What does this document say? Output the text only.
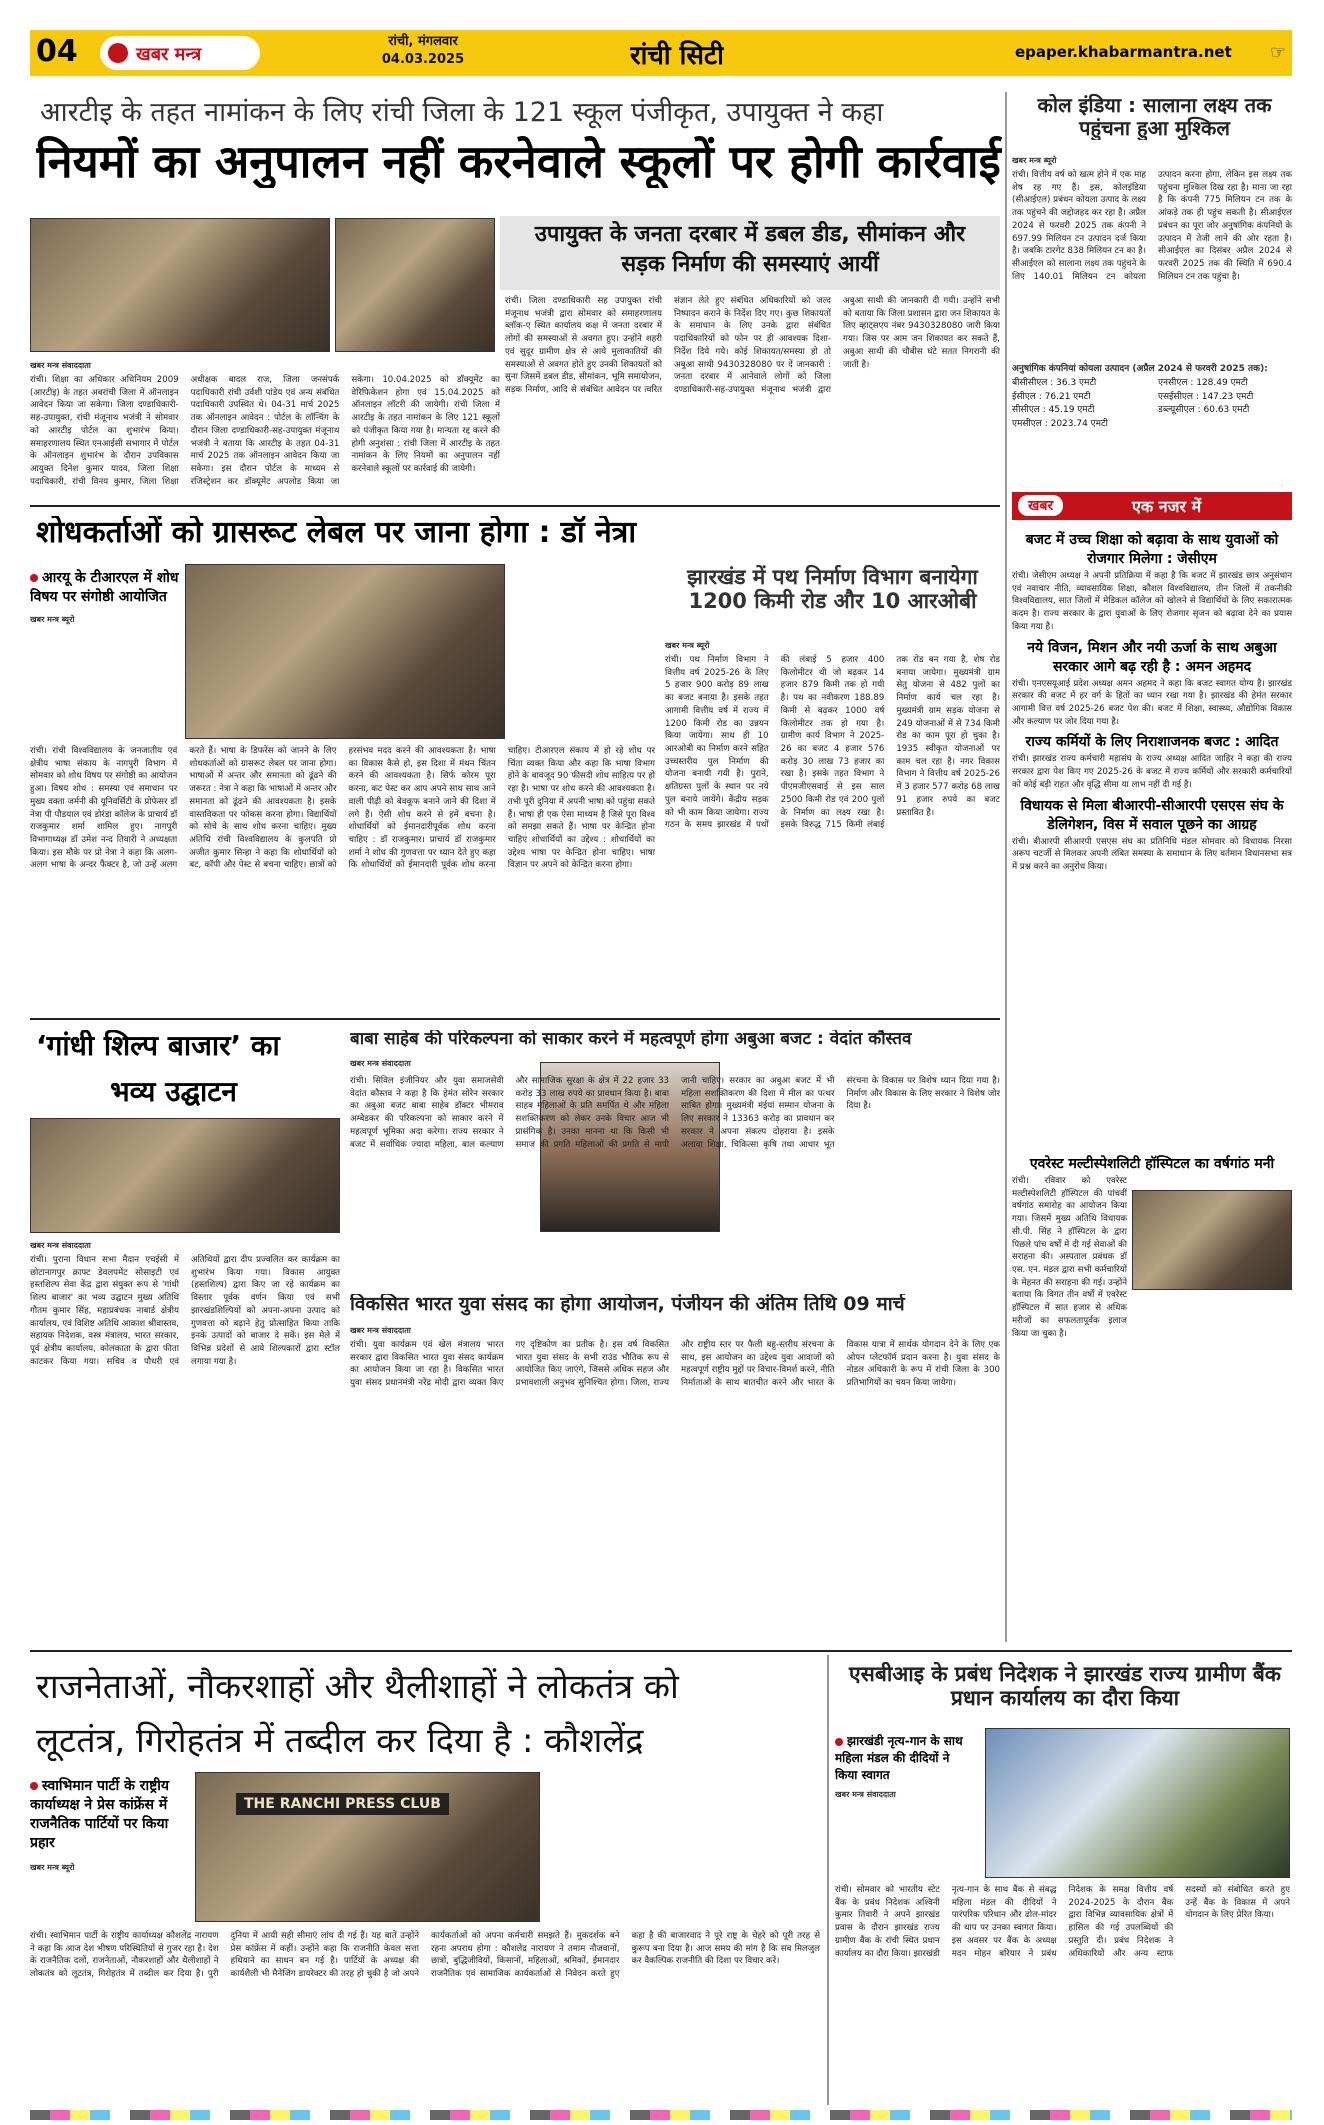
04	खबर मन्त्र
रांची, मंगलवार
04.03.2025	रांची सिटी	epaper.khabarmantra.net ☞
आरटीइ के तहत नामांकन के लिए रांची जिला के 121 स्कूल पंजीकृत, उपायुक्त ने कहा
नियमों का अनुपालन नहीं करनेवाले स्कूलों पर होगी कार्रवाई
उपायुक्त के जनता दरबार में डबल डीड, सीमांकन और सड़क निर्माण की समस्याएं आयीं
रांची। जिला दण्डाधिकारी सह उपायुक्त रांची मंजूनाथ भजंत्री द्वारा सोमवार को समाहरणालय ब्लॉक-ए स्थित कार्यालय कक्ष में जनता दरबार में लोगों की समस्याओं से अवगत हुए। उन्होंने शहरी एवं सुदूर ग्रामीण क्षेत्र से आये मुलाकातियों की समस्याओं से अवगत होते हुए उनकी शिकायतों को सुना जिसमें डबल डीड, सीमांकन, भूमि समायोजन, सड़क निर्माण, आदि से संबंधित आवेदन पर त्वरित संज्ञान लेते हुए संबंधित अधिकारियों को जल्द निष्पादन कराने के निर्देश दिए गए। कुछ शिकायतों के समाधान के लिए उनके द्वारा संबंधित पदाधिकारियों को फोन पर ही आवश्यक दिशा-निर्देश दिये गये। कोई शिकायत/समस्या हो तो अबुआ साथी 9430328080 पर दें जानकारी : जनता दरबार में आनेवाले लोगों को जिला दण्डाधिकारी-सह-उपायुक्त मंजूनाथ भजंत्री द्वारा अबुआ साथी की जानकारी दी गयी। उन्होंने सभी को बताया कि जिला प्रशासन द्वारा जन शिकायत के लिए व्हाट्सएप नंबर 9430328080 जारी किया गया। जिस पर आम जन शिकायत कर सकते हैं, अबुआ साथी की चौबीस घंटे सतत निगरानी की जाती है।
खबर मन्त्र संवाददाता
रांची। शिक्षा का अधिकार अधिनियम 2009 (आरटीइ) के तहत अबरांची जिला में ऑनलाइन आवेदन किया जा सकेगा। जिला दण्डाधिकारी-सह-उपायुक्त, रांची मंजूनाथ भजंत्री ने सोमवार को आरटीइ पोर्टल का शुभारंभ किया। समाहरणालय स्थित एनआईसी सभागार में पोर्टल के ऑनलाइन शुभारंभ के दौरान उपविकास आयुक्त दिनेश कुमार यादव, जिला शिक्षा पदाधिकारी, रांची विनय कुमार, जिला शिक्षा अधीक्षक बादल राज, जिला जनसंपर्क पदाधिकारी रांची उर्वशी पांडेय एवं अन्य संबंधित पदाधिकारी उपस्थित थे। 04-31 मार्च 2025 तक ऑनलाइन आवेदन : पोर्टल के लॉन्चिंग के दौरान जिला दण्डाधिकारी-सह-उपायुक्त मंजूनाथ भजंत्री ने बताया कि आरटीइ के तहत 04-31 मार्च 2025 तक ऑनलाइन आवेदन किया जा सकेगा। इस दौरान पोर्टल के माध्यम से रजिस्ट्रेशन कर डॉक्यूमेंट अपलोड किया जा सकेगा। 10.04.2025 को डॉक्यूमेंट का वेरिफिकेशन होगा एवं 15.04.2025 को ऑनलाइन लॉटरी की जायेगी। रांची जिला में आरटीइ के तहत नामांकन के लिए 121 स्कूलों को पंजीकृत किया गया है। मान्यता रद्द करने की होगी अनुशंसा : रांची जिला में आरटीइ के तहत नामांकन के लिए नियमों का अनुपालन नहीं करनेवाले स्कूलों पर कार्रवाई की जायेगी।
कोल इंडिया : सालाना लक्ष्य तक पहुंचना हुआ मुश्किल
खबर मन्त्र ब्यूरो
रांची। वित्तीय वर्ष को खत्म होने में एक माह शेष रह गए हैं। इस, कोलइंडिया (सीआईएल) प्रबंधन कोयला उत्पाद के लक्ष्य तक पहुंचने की जद्दोजहद कर रहा है। अप्रैल 2024 से फरवरी 2025 तक कंपनी ने 697.99 मिलियन टन उत्पादन दर्ज किया है। जबकि टारगेट 838 मिलियन टन का है। सीआईएल को सालाना लक्ष्य तक पहुंचने के लिए 140.01 मिलियन टन कोयला उत्पादन करना होगा, लेकिन इस लक्ष्य तक पहुंचना मुश्किल दिख रहा है। माना जा रहा है कि कंपनी 775 मिलियन टन तक के आंकड़े तक ही पहुंच सकती है। सीआईएल प्रबंधन का पूरा जोर अनुषांगिक कंपनियों के उत्पादन में तेजी लाने की ओर रहता है। सीआईएल का दिसंबर अप्रैल 2024 से फरवरी 2025 तक की स्थिति में 690.4 मिलियन टन तक पहुंचा है।
अनुषांगिक कंपनियां कोयला उत्पादन (अप्रैल 2024 से फरवरी 2025 तक):
बीसीसीएल : 36.3 एमटी
ईसीएल : 76.21 एमटी
सीसीएल : 45.19 एमटी
एमसीएल : 2023.74 एमटी
एनसीएल : 128.49 एमटी
एसईसीएल : 147.23 एमटी
डब्ल्यूसीएल : 60.63 एमटी
खबर	एक नजर में
बजट में उच्च शिक्षा को बढ़ावा के साथ युवाओं को रोजगार मिलेगा : जेसीएम
रांची। जेसीएम अध्यक्ष ने अपनी प्रतिक्रिया में कहा है कि बजट में झारखंड छात्र अनुसंधान एवं नवाचार नीति, व्यावसायिक शिक्षा, कौशल विश्वविद्यालय, तीन जिलों में तकनीकी विश्वविद्यालय, सात जिलों में मेडिकल कॉलेज को खोलने से विद्यार्थियों के लिए सकारात्मक कदम है। राज्य सरकार के द्वारा युवाओं के लिए रोजगार सृजन को बढ़ावा देने का प्रयास किया गया है।
नये विजन, मिशन और नयी ऊर्जा के साथ अबुआ सरकार आगे बढ़ रही है : अमन अहमद
रांची। एनएसयूआई प्रदेश अध्यक्ष अमन अहमद ने कहा कि बजट स्वागत योग्य है। झारखंड सरकार की बजट में हर वर्ग के हितों का ध्यान रखा गया है। झारखंड की हेमंत सरकार आगामी वित्त वर्ष 2025-26 बजट पेश की। बजट में शिक्षा, स्वास्थ्य, औद्योगिक विकास और कल्याण पर जोर दिया गया है।
राज्य कर्मियों के लिए निराशाजनक बजट : आदित
रांची। झारखंड राज्य कर्मचारी महासंघ के राज्य अध्यक्ष आदित जाहिर ने कहा की राज्य सरकार द्वारा पेश किए गए 2025-26 के बजट में राज्य कर्मियों और सरकारी कर्मचारियों को कोई बड़ी राहत और वृद्धि सीमा या लाभ नहीं दी गई है।
विधायक से मिला बीआरपी-सीआरपी एसएस संघ के डेलिगेशन, विस में सवाल पूछने का आग्रह
रांची। बीआरपी सीआरपी एसएस संघ का प्रतिनिधि मंडल सोमवार को विधायक निरसा अरूप चटर्जी से मिलकर अपनी लंबित समस्या के समाधान के लिए वर्तमान विधानसभा सत्र में प्रश्न करने का अनुरोध किया।
एवरेस्ट मल्टीस्पेशलिटी हॉस्पिटल का वर्षगांठ मनी
रांची। रविवार को एवरेस्ट मल्टीस्पेशलिटी हॉस्पिटल की पांचवीं वर्षगांठ समारोह का आयोजन किया गया। जिसमें मुख्य अतिथि विधायक सी.पी. सिंह ने हॉस्पिटल के द्वारा पिछले पांच वर्षों में दी गई सेवाओं की सराहना की। अस्पताल प्रबंधक डॉ एस. एन. मंडल द्वारा सभी कर्मचारियों के मेहनत की सराहना की गई। उन्होंने बताया कि विगत तीन वर्षों में एवरेस्ट हॉस्पिटल में सात हजार से अधिक मरीजों का सफलतापूर्वक इलाज किया जा चुका है।
शोधकर्ताओं को ग्रासरूट लेबल पर जाना होगा : डॉ नेत्रा
आरयू के टीआरएल में शोध विषय पर संगोष्ठी आयोजित
खबर मन्त्र ब्यूरो
रांची। रांची विश्वविद्यालय के जनजातीय एवं क्षेत्रीय भाषा संकाय के नागपुरी विभाग में सोमवार को शोध विषय पर संगोष्ठी का आयोजन हुआ। विषय शोध : समस्या एवं समाधान पर मुख्य वक्ता जर्मनी की यूनिवर्सिटी के प्रोफेसर डॉ नेत्रा पी पौडयाल एवं डोरंडा कॉलेज के प्राचार्य डॉ राजकुमार शर्मा शामिल हुए। नागपुरी विभागाध्यक्ष डॉ उमेश नन्द तिवारी ने अध्यक्षता किया। इस मौके पर प्रो नेत्रा ने कहा कि अलग-अलग भाषा के अन्दर फैक्टर है, जो उन्हें अलग करते हैं। भाषा के डिफरेंस को जानने के लिए शोधकर्ताओं को ग्रासरूट लेबल पर जाना होगा। भाषाओं में अन्तर और समानता को ढूंढने की जरूरत : नेत्रा ने कहा कि भाषाओं में अन्तर और समानता को ढूंढने की आवश्यकता है। इसके वास्तविकता पर फोकस करना होगा। विद्यार्थियों को सोचे के साथ शोध करना चाहिए। मुख्य अतिथि रांची विश्वविद्यालय के कुलपति प्रो अजीत कुमार सिन्हा ने कहा कि शोधार्थियों को बट, कॉपी और पेस्ट से बचना चाहिए। छात्रों को हरसंभव मदद करने की आवश्यकता है। भाषा का विकास कैसे हो, इस दिशा में मंथन चिंतन करने की आवश्यकता है। सिर्फ कोरम पूरा करना, कट पेस्ट कर आप अपने साथ साथ आने वाली पीढ़ी को बेवकूफ बनाने जाने की दिशा में लगे हैं। ऐसी शोध करने से हमें बचना है। शोधार्थियों को ईमानदारीपूर्वक शोध करना चाहिए : डॉ राजकुमार। प्राचार्य डॉ राजकुमार शर्मा ने शोध की गुणवत्ता पर ध्यान देते हुए कहा कि शोधार्थियों को ईमानदारी पूर्वक शोध करना चाहिए। टीआरएल संकाय में हो रहे शोध पर चिंता व्यक्त किया और कहा कि भाषा विभाग होने के बावजूद 90 फीसदी शोध साहित्य पर हो रहा है। भाषा पर शोध करने की आवश्यकता है। तभी पूरी दुनिया में अपनी भाषा को पहुंचा सकते हैं। भाषा ही एक ऐसा माध्यम है जिसे पूरा विश्व को समझा सकते हैं। भाषा पर केन्द्रित होना चाहिए शोधार्थियों का उद्देश्य : शोधार्थियों का उद्देश्य भाषा पर केन्द्रित होना चाहिए। भाषा विज्ञान पर अपने को केन्द्रित करना होगा।
झारखंड में पथ निर्माण विभाग बनायेगा 1200 किमी रोड और 10 आरओबी
खबर मन्त्र ब्यूरो
रांची। पथ निर्माण विभाग ने वित्तीय वर्ष 2025-26 के लिए 5 हजार 900 करोड़ 89 लाख का बजट बनाया है। इसके तहत आगामी वित्तीय वर्ष में राज्य में 1200 किमी रोड का उन्नयन किया जायेगा। साथ ही 10 आरओबी का निर्माण करने सहित उच्चस्तरीय पुल निर्माण की योजना बनायी गयी है। पुराने, क्षतिग्रस्त पुलों के स्थान पर नये पुल बनाये जायेंगे। केंद्रीय सड़क को भी काम किया जायेगा। राज्य गठन के समय झारखंड में पथों की लंबाई 5 हजार 400 किलोमीटर थी जो बढ़कर 14 हजार 879 किमी तक हो गयी है। पथ का नवीकरण 188.89 किमी से बढ़कर 1000 वर्ष किलोमीटर तक हो गया है। ग्रामीण कार्य विभाग ने 2025-26 का बजट 4 हजार 576 करोड़ 30 लाख 73 हजार का रखा है। इसके तहत विभाग ने पीएमजीएसवाई से इस साल 2500 किमी रोड एवं 200 पुलों के निर्माण का लक्ष्य रखा है। इसके विरुद्ध 715 किमी लंबाई तक रोड बन गया है, शेष रोड बनाया जायेगा। मुख्यमंत्री ग्राम सेतु योजना से 482 पुलों का निर्माण कार्य चल रहा है। मुख्यमंत्री ग्राम सड़क योजना से 249 योजनाओं में से 734 किमी रोड का काम पूरा हो चुका है। 1935 स्वीकृत योजनाओं पर काम चल रहा है। नगर विकास विभाग ने वित्तीय वर्ष 2025-26 में 3 हजार 577 करोड़ 68 लाख 91 हजार रुपये का बजट प्रस्तावित है।
‘गांधी शिल्प बाजार’ का
भव्य उद्घाटन
खबर मन्त्र संवाददाता
रांची। पुराना विधान सभा मैदान एचईसी में छोटानागपुर क्राफ्ट डेवलपमेंट सोसाइटी एवं हस्तशिल्प सेवा केंद्र द्वारा संयुक्त रूप से 'गांधी शिल्प बाजार' का भव्य उद्घाटन मुख्य अतिथि गौतम कुमार सिंह, महाप्रबंधक नाबार्ड क्षेत्रीय कार्यालय, एवं विशिष्ट अतिथि आकाश श्रीवास्तव, सहायक निदेशक, वस्त्र मंत्रालय, भारत सरकार, पूर्व क्षेत्रीय कार्यालय, कोलकाता के द्वारा फीता काटकर किया गया। सचिव व पौधरी एवं अतिथियों द्वारा दीप प्रज्वलित कर कार्यक्रम का शुभारंभ किया गया। विकास आयुक्त (हस्तशिल्प) द्वारा किए जा रहे कार्यक्रम का विस्तार पूर्वक वर्णन किया एवं सभी झारखंडशिल्पियों को अपना-अपना उत्पाद को गुणवत्ता को बढ़ाने हेतु प्रोत्साहित किया ताकि इनके उत्पादों को बाजार दे सकें। इस मेले में विभिन्न प्रदेशों से आये शिल्पकारों द्वारा स्टॉल लगाया गया है।
बाबा साहेब की परिकल्पना को साकार करने में महत्वपूर्ण होगा अबुआ बजट : वेदांत कौस्तव
खबर मन्त्र संवाददाता
रांची। सिविल इंजीनियर और युवा समाजसेवी वेदांत कौस्तव ने कहा है कि हेमंत सोरेन सरकार का अबुआ बजट बाबा साहेब डॉक्टर भीमराव अम्बेडकर की परिकल्पना को साकार करने में महत्वपूर्ण भूमिका अदा करेगा। राज्य सरकार ने बजट में सर्वाधिक ज्यादा महिला, बाल कल्याण और सामाजिक सुरक्षा के क्षेत्र में 22 हजार 33 करोड़ 33 लाख रुपये का प्रावधान किया है। बाबा साहब महिलाओं के प्रति समर्पित थे और महिला सशक्तिकरण को लेकर उनके विचार आज भी प्रासंगिक है। उनका मानना था कि किसी भी समाज की प्रगति महिलाओं की प्रगति से मापी जानी चाहिए। सरकार का अबुआ बजट में भी महिला सशक्तिकरण की दिशा में मील का पत्थर साबित होगा। मुख्यमंत्री मंईयां सम्मान योजना के लिए सरकार ने 13363 करोड़ का प्रावधान कर सरकार ने अपना संकल्प दोहराया है। इसके अलावा शिक्षा, चिकित्सा कृषि तथा आधार भूत संरचना के विकास पर विशेष ध्यान दिया गया है। निर्माण और विकास के लिए सरकार ने विशेष जोर दिया है।
विकसित भारत युवा संसद का होगा आयोजन, पंजीयन की अंतिम तिथि 09 मार्च
खबर मन्त्र संवाददाता
रांची। युवा कार्यक्रम एवं खेल मंत्रालय भारत सरकार द्वारा विकसित भारत युवा संसद कार्यक्रम का आयोजन किया जा रहा है। विकसित भारत युवा संसद प्रधानमंत्री नरेंद्र मोदी द्वारा व्यक्त किए गए दृष्टिकोण का प्रतीक है। इस वर्ष विकसित भारत युवा संसद के सभी राउंड भौतिक रूप से आयोजित किए जाएंगे, जिससे अधिक सहज और प्रभावशाली अनुभव सुनिश्चित होगा। जिला, राज्य और राष्ट्रीय स्तर पर फैली बहु-स्तरीय संरचना के साथ, इस आयोजन का उद्देश्य युवा आवाजों को महत्वपूर्ण राष्ट्रीय मुद्दों पर विचार-विमर्श करने, नीति निर्माताओं के साथ बातचीत करने और भारत के विकास यात्रा में सार्थक योगदान देने के लिए एक ओपन प्लेटफॉर्म प्रदान करना है। युवा संसद के नोडल अधिकारी के रूप में रांची जिला के 300 प्रतिभागियों का चयन किया जायेगा।
राजनेताओं, नौकरशाहों और थैलीशाहों ने लोकतंत्र को
लूटतंत्र, गिरोहतंत्र में तब्दील कर दिया है : कौशलेंद्र
स्वाभिमान पार्टी के राष्ट्रीय कार्याध्यक्ष ने प्रेस कांफ्रेंस में राजनैतिक पार्टियों पर किया प्रहार
खबर मन्त्र ब्यूरो
THE RANCHI PRESS CLUB
रांची। स्वाभिमान पार्टी के राष्ट्रीय कार्याध्यक्ष कौशलेंद्र नारायण ने कहा कि आज देश भीषण परिस्थितियों से गुजर रहा है। देश के राजनैतिक दलों, राजनेताओं, नौकरशाहों और थैलीशाहों ने लोकतंत्र को लूटतंत्र, गिरोहतंत्र में तब्दील कर दिया है। पुरी दुनिया में आयी सही सीमाएं लांघ दी गई हैं। यह बातें उन्होंने प्रेस कांफ्रेंस में कहीं। उन्होंने कहा कि राजनीति केवल सत्ता हथियाने का साधन बन गई है। पार्टियों के अध्यक्ष की कार्यशैली भी मैनेजिंग डायरेक्टर की तरह हो चुकी है जो अपने कार्यकर्ताओं को अपना कर्मचारी समझते हैं। मुकदर्शक बने रहना अपराध होगा : कौशलेंद्र नारायण ने तमाम नौजवानों, छात्रों, बुद्धिजीवियों, किसानों, महिलाओं, श्रमिकों, ईमानदार राजनैतिक एवं सामाजिक कार्यकर्ताओं से निवेदन करते हुए कहा है की बाजारवाद ने पूरे राष्ट्र के चेहरे को पूरी तरह से कुरूप बना दिया है। आज समय की मांग है कि सब मिलजुल कर वैकल्पिक राजनीति की दिशा पर विचार करें।
एसबीआइ के प्रबंध निदेशक ने झारखंड राज्य ग्रामीण बैंक प्रधान कार्यालय का दौरा किया
झारखंडी नृत्य-गान के साथ महिला मंडल की दीदियों ने किया स्वागत
खबर मन्त्र संवाददाता
रांची। सोमवार को भारतीय स्टेट बैंक के प्रबंध निदेशक अश्विनी कुमार तिवारी ने अपने झारखंड प्रवास के दौरान झारखंड राज्य ग्रामीण बैंक के रांची स्थित प्रधान कार्यालय का दौरा किया। झारखंडी नृत्य-गान के साथ बैंक से संबद्ध महिला मंडल की दीदियों ने पारंपरिक परिधान और ढोल-मांदर की थाप पर उनका स्वागत किया। इस अवसर पर बैंक के अध्यक्ष मदन मोहन बरियार ने प्रबंध निदेशक के समक्ष वित्तीय वर्ष 2024-2025 के दौरान बैंक द्वारा विभिन्न व्यावसायिक क्षेत्रों में हासिल की गई उपलब्धियों की प्रस्तुति दी। प्रबंध निदेशक ने अधिकारियों और अन्य स्टाफ सदस्यों को संबोधित करते हुए उन्हें बैंक के विकास में अपने योगदान के लिए प्रेरित किया।
